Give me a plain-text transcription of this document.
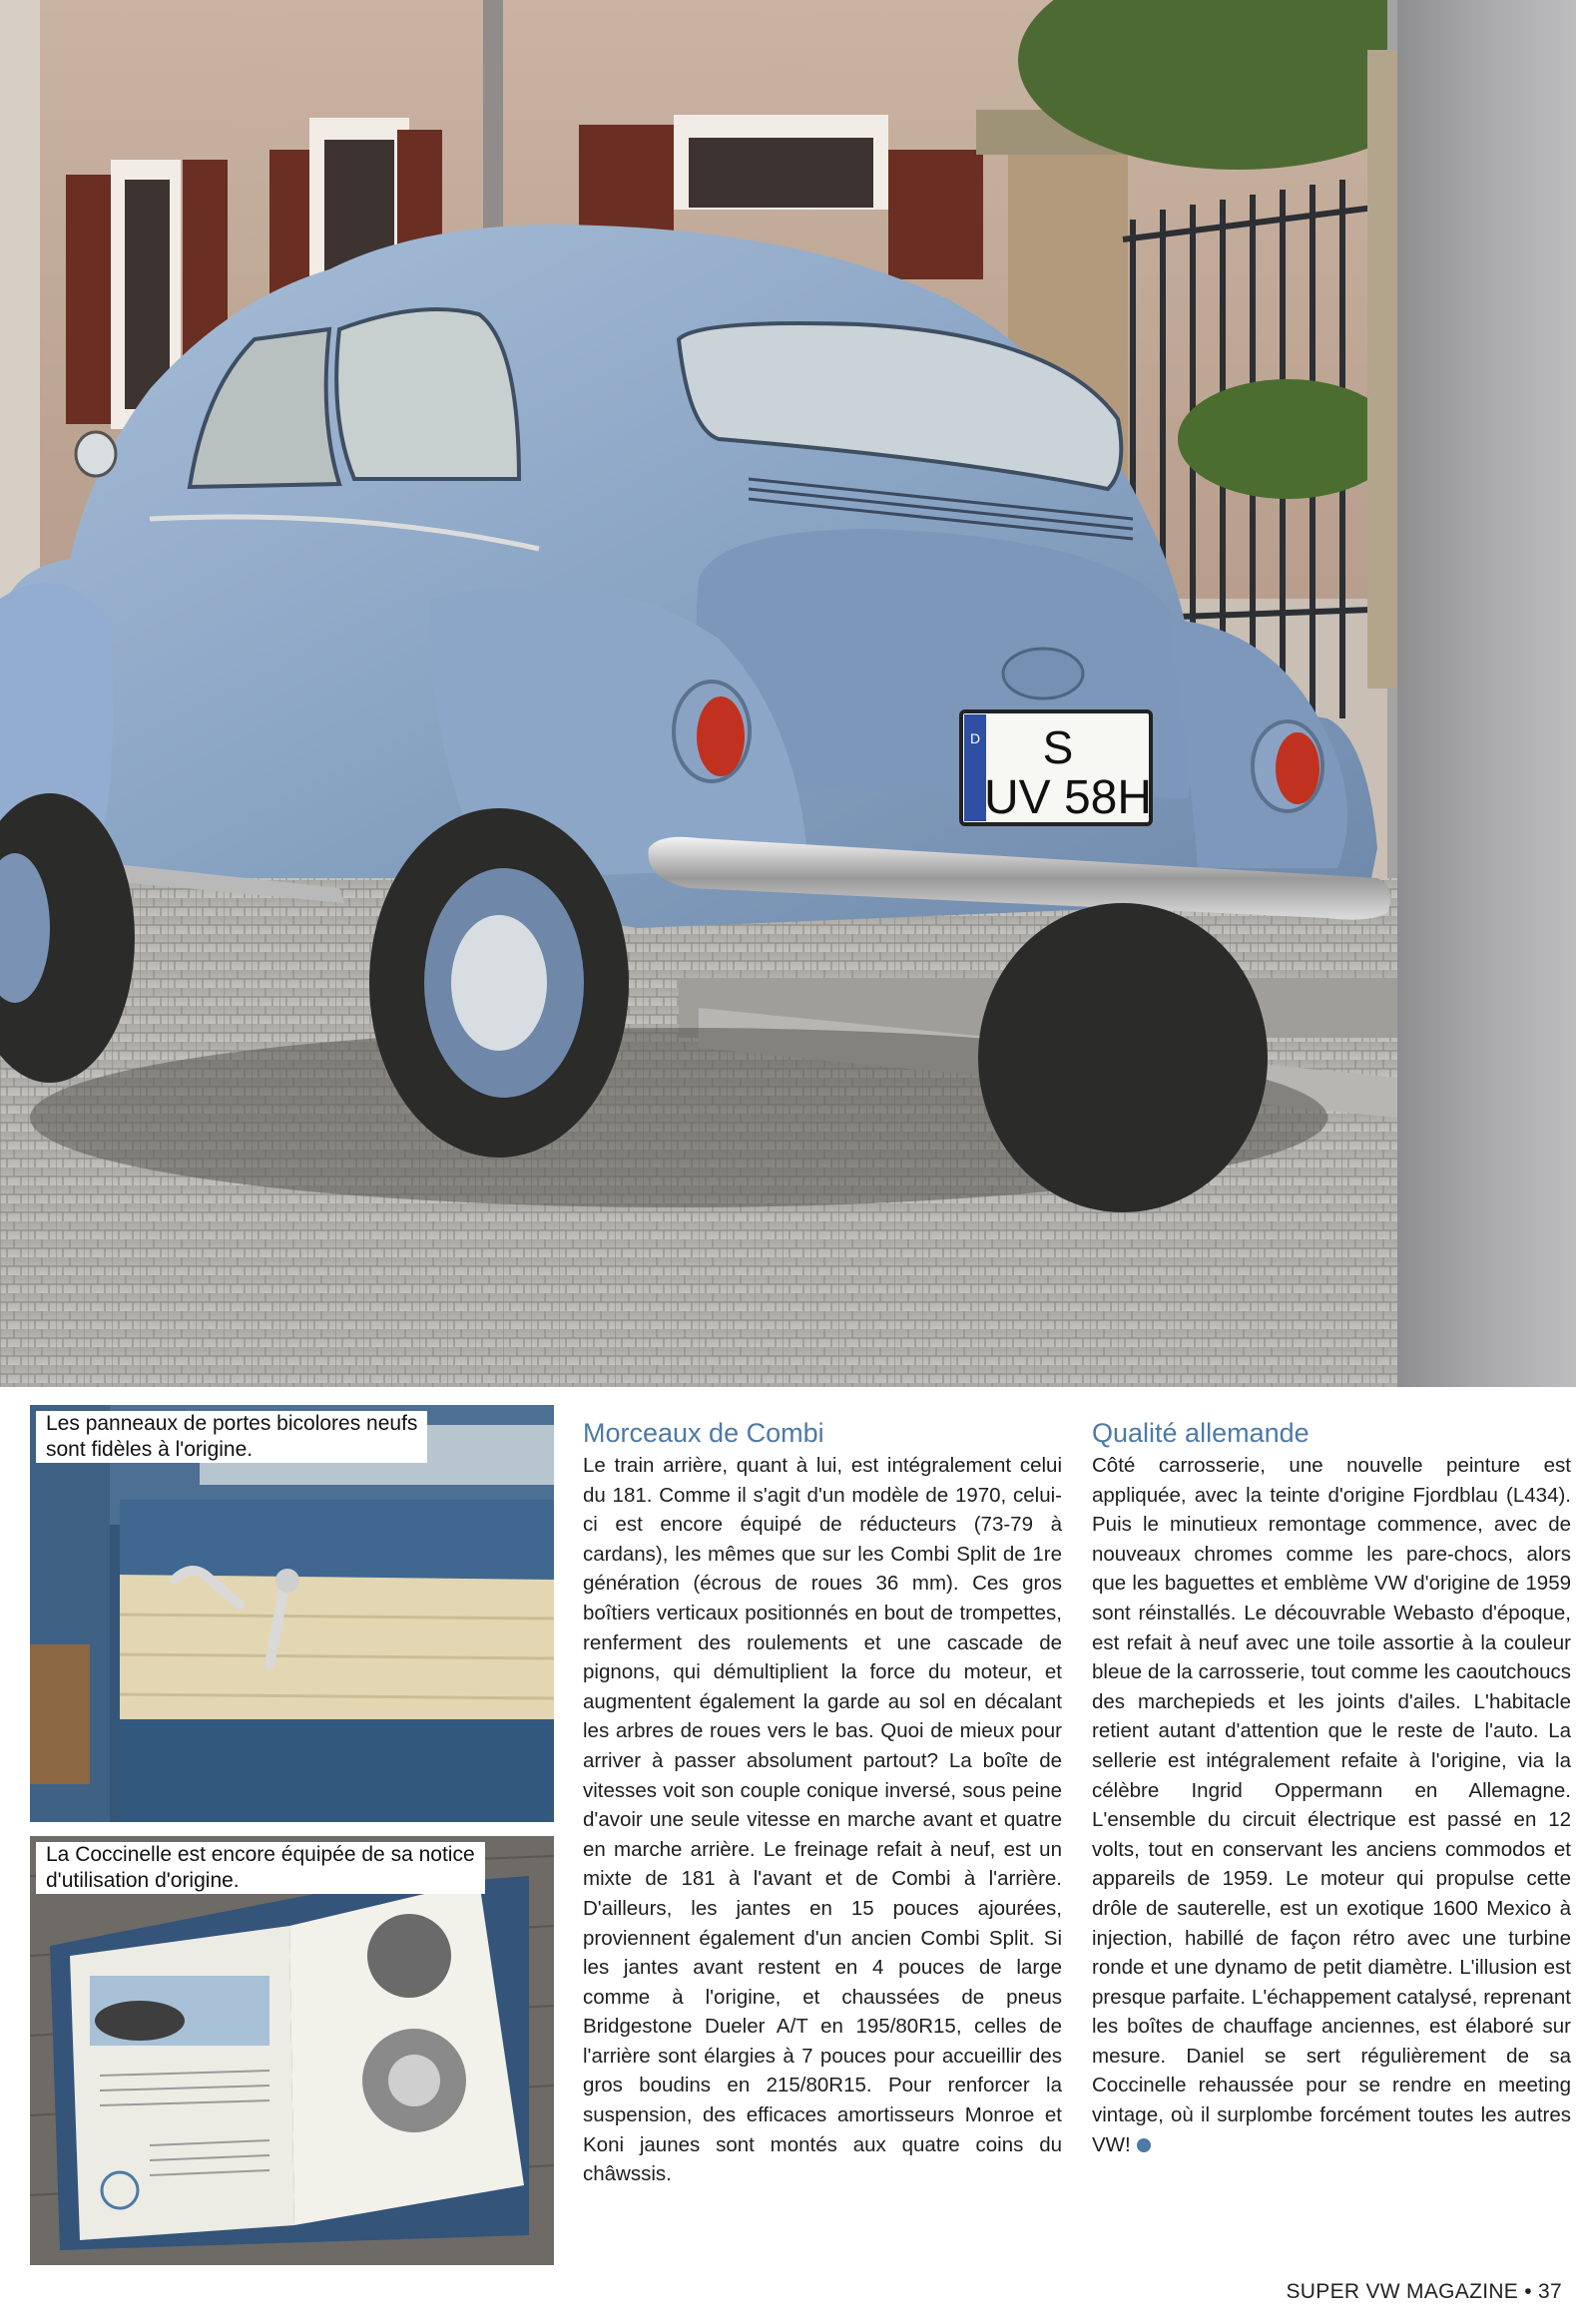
D S
UV 58H
Les panneaux de portes bicolores neufs
sont fidèles à l'origine.
La Coccinelle est encore équipée de sa notice
d'utilisation d'origine.
Morceaux de Combi

Le train arrière, quant à lui, est intégralement celui du 181. Comme il s'agit d'un modèle de 1970, celui-ci est encore équipé de réducteurs (73-79 à cardans), les mêmes que sur les Combi Split de 1re génération (écrous de roues 36 mm). Ces gros boîtiers verticaux positionnés en bout de trompettes, renferment des roulements et une cascade de pignons, qui démultiplient la force du moteur, et augmentent également la garde au sol en décalant les arbres de roues vers le bas. Quoi de mieux pour arriver à passer absolument partout? La boîte de vitesses voit son couple conique inversé, sous peine d'avoir une seule vitesse en marche avant et quatre en marche arrière. Le freinage refait à neuf, est un mixte de 181 à l'avant et de Combi à l'arrière. D'ailleurs, les jantes en 15 pouces ajourées, proviennent également d'un ancien Combi Split. Si les jantes avant restent en 4 pouces de large comme à l'origine, et chaussées de pneus Bridgestone Dueler A/T en 195/80R15, celles de l'arrière sont élargies à 7 pouces pour accueillir des gros boudins en 215/80R15. Pour renforcer la suspension, des efficaces amortisseurs Monroe et Koni jaunes sont montés aux quatre coins du châwssis.

Qualité allemande

Côté carrosserie, une nouvelle peinture est appliquée, avec la teinte d'origine Fjordblau (L434). Puis le minutieux remontage commence, avec de nouveaux chromes comme les pare-chocs, alors que les baguettes et emblème VW d'origine de 1959 sont réinstallés. Le découvrable Webasto d'époque, est refait à neuf avec une toile assortie à la couleur bleue de la carrosserie, tout comme les caoutchoucs des marchepieds et les joints d'ailes. L'habitacle retient autant d'attention que le reste de l'auto. La sellerie est intégralement refaite à l'origine, via la célèbre Ingrid Oppermann en Allemagne. L'ensemble du circuit électrique est passé en 12 volts, tout en conservant les anciens commodos et appareils de 1959. Le moteur qui propulse cette drôle de sauterelle, est un exotique 1600 Mexico à injection, habillé de façon rétro avec une turbine ronde et une dynamo de petit diamètre. L'illusion est presque parfaite. L'échappement catalysé, reprenant les boîtes de chauffage anciennes, est élaboré sur mesure. Daniel se sert régulièrement de sa Coccinelle rehaussée pour se rendre en meeting vintage, où il surplombe forcément toutes les autres VW!

SUPER VW MAGAZINE • 37
